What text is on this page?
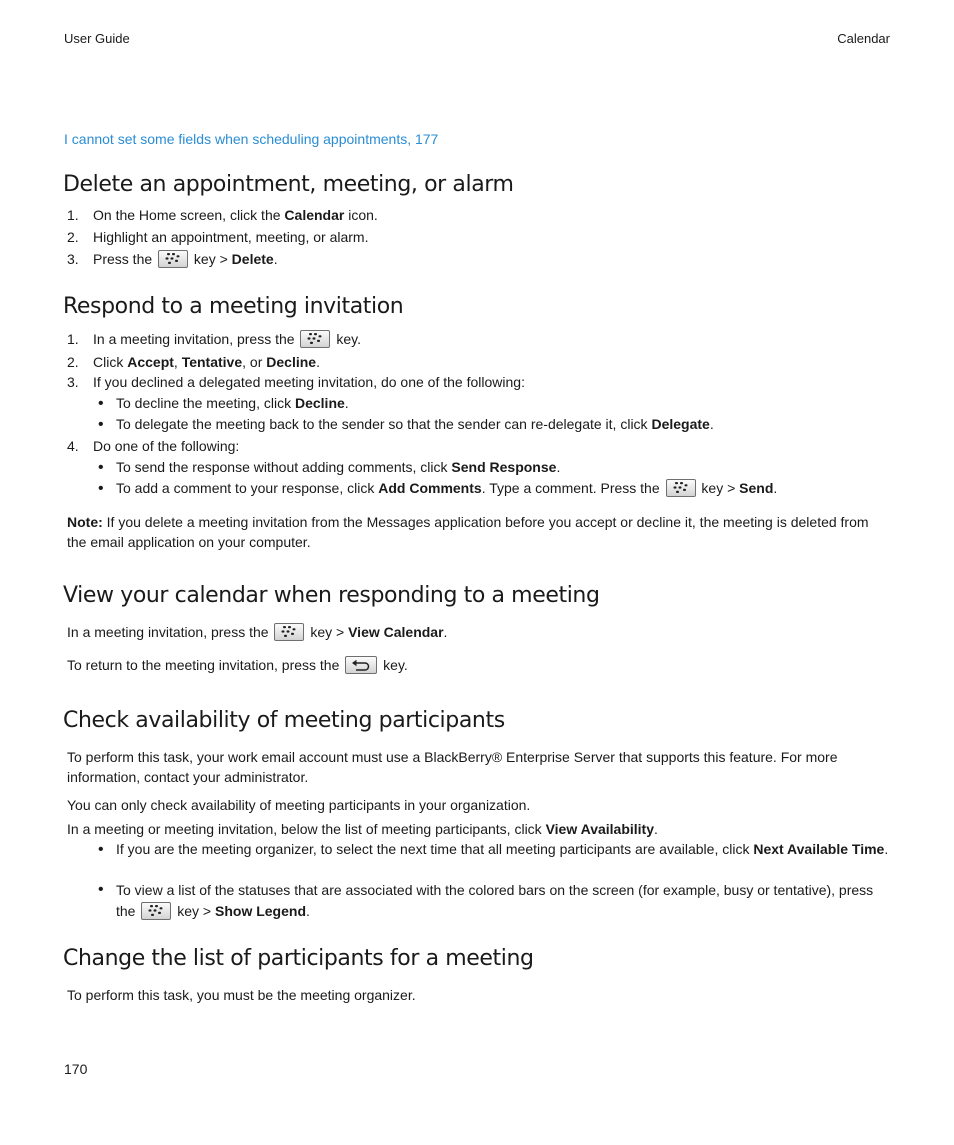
User Guide	Calendar
I cannot set some fields when scheduling appointments, 177
Delete an appointment, meeting, or alarm
1. On the Home screen, click the Calendar icon.
2. Highlight an appointment, meeting, or alarm.
3. Press the
key > Delete.
Respond to a meeting invitation
1. In a meeting invitation, press the
key.
2. Click Accept, Tentative, or Decline.
3. If you declined a delegated meeting invitation, do one of the following:
• To decline the meeting, click Decline.
• To delegate the meeting back to the sender so that the sender can re-delegate it, click Delegate.
4. Do one of the following:
• To send the response without adding comments, click Send Response.
• To add a comment to your response, click Add Comments. Type a comment. Press the
key > Send.
Note: If you delete a meeting invitation from the Messages application before you accept or decline it, the meeting is deleted from the email application on your computer.
View your calendar when responding to a meeting
In a meeting invitation, press the
key > View Calendar.
To return to the meeting invitation, press the	key.
Check availability of meeting participants
To perform this task, your work email account must use a BlackBerry® Enterprise Server that supports this feature. For more information, contact your administrator.
You can only check availability of meeting participants in your organization.
In a meeting or meeting invitation, below the list of meeting participants, click View Availability.
• If you are the meeting organizer, to select the next time that all meeting participants are available, click Next Available Time.
• To view a list of the statuses that are associated with the colored bars on the screen (for example, busy or tentative), press the
key > Show Legend.
Change the list of participants for a meeting
To perform this task, you must be the meeting organizer.
170
